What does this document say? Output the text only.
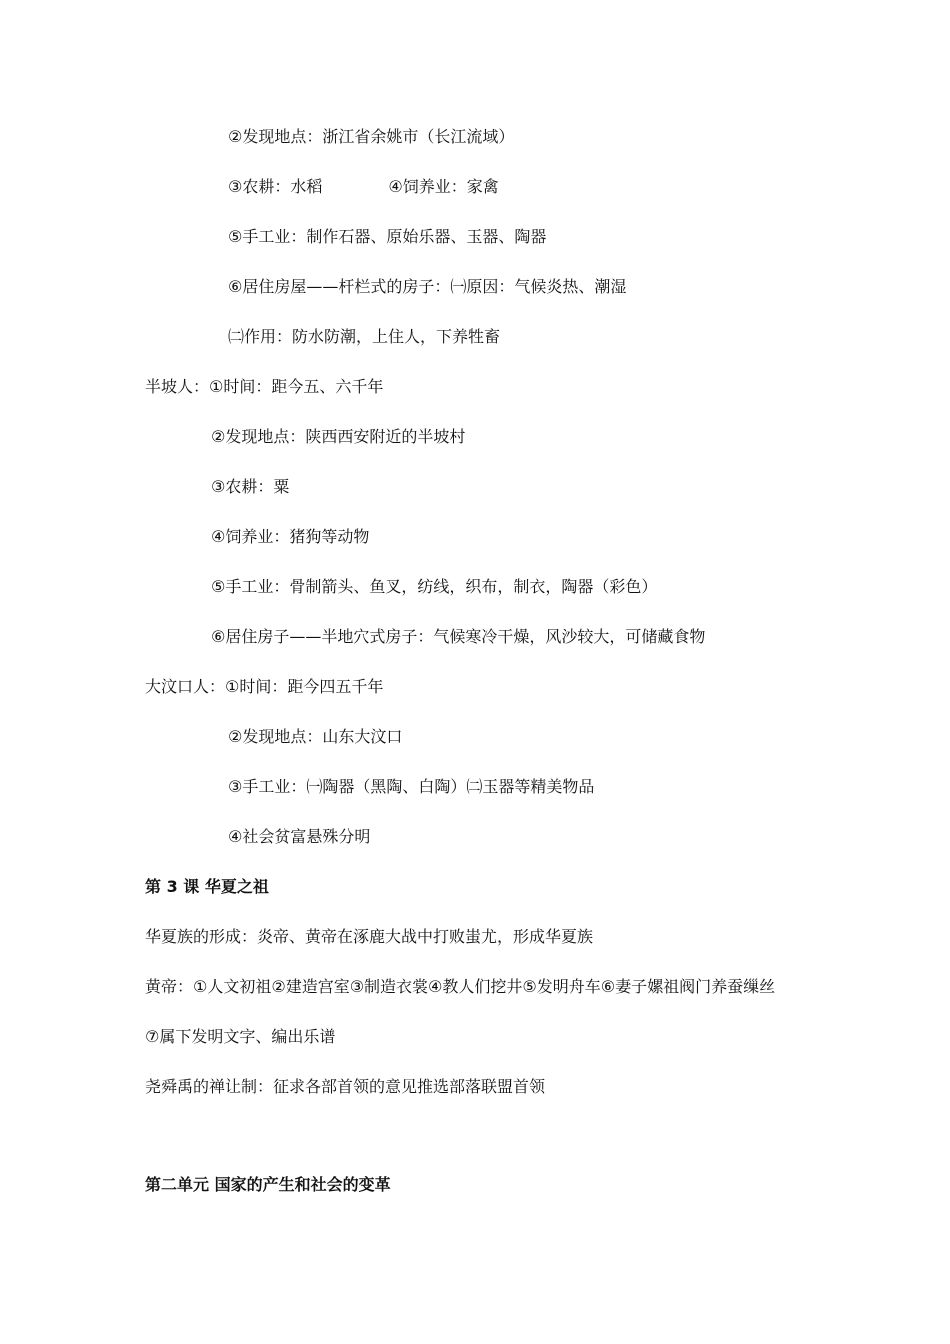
②发现地点：浙江省余姚市（长江流域）
③农耕：水稻	④饲养业：家禽
⑤手工业：制作石器、原始乐器、玉器、陶器
⑥居住房屋——杆栏式的房子：㈠原因：气候炎热、潮湿
㈡作用：防水防潮，上住人，下养牲畜
半坡人：①时间：距今五、六千年
②发现地点：陕西西安附近的半坡村
③农耕：粟
④饲养业：猪狗等动物
⑤手工业：骨制箭头、鱼叉，纺线，织布，制衣，陶器（彩色）
⑥居住房子——半地穴式房子：气候寒冷干燥，风沙较大，可储藏食物
大汶口人：①时间：距今四五千年
②发现地点：山东大汶口
③手工业：㈠陶器（黑陶、白陶）㈡玉器等精美物品
④社会贫富悬殊分明
第 3 课 华夏之祖
华夏族的形成：炎帝、黄帝在涿鹿大战中打败蚩尤，形成华夏族
黄帝：①人文初祖②建造宫室③制造衣裳④教人们挖井⑤发明舟车⑥妻子嫘祖阀门养蚕缫丝
⑦属下发明文字、编出乐谱
尧舜禹的禅让制：征求各部首领的意见推选部落联盟首领
第二单元 国家的产生和社会的变革
